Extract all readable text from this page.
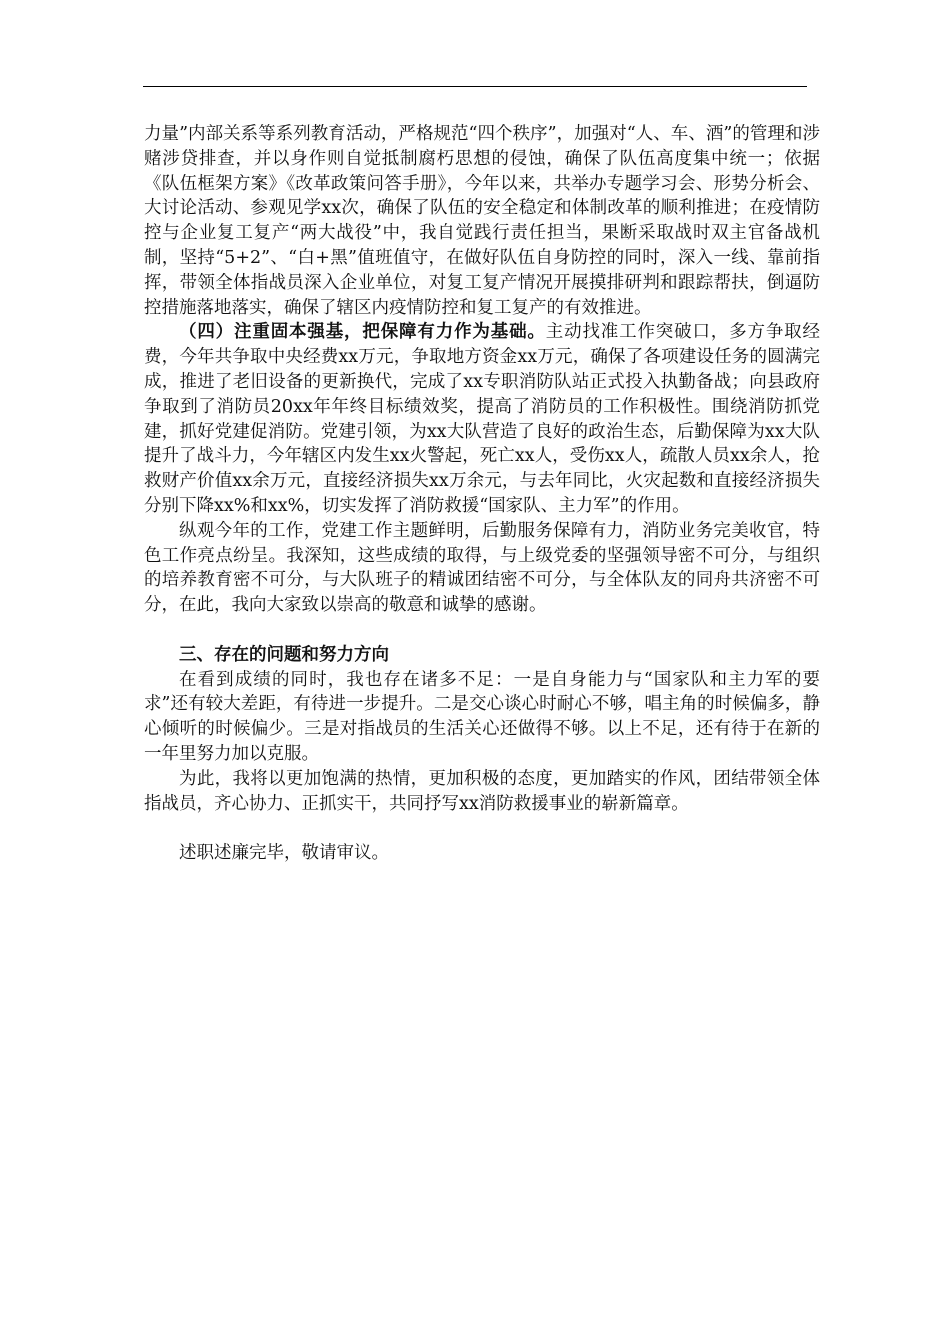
力量”内部关系等系列教育活动，严格规范“四个秩序”，加强对“人、车、酒”的管理和涉赌涉贷排查，并以身作则自觉抵制腐朽思想的侵蚀，确保了队伍高度集中统一；依据《队伍框架方案》《改革政策问答手册》，今年以来，共举办专题学习会、形势分析会、大讨论活动、参观见学xx次，确保了队伍的安全稳定和体制改革的顺利推进；在疫情防控与企业复工复产“两大战役”中，我自觉践行责任担当，果断采取战时双主官备战机制，坚持“5+2”、“白+黑”值班值守，在做好队伍自身防控的同时，深入一线、靠前指挥，带领全体指战员深入企业单位，对复工复产情况开展摸排研判和跟踪帮扶，倒逼防控措施落地落实，确保了辖区内疫情防控和复工复产的有效推进。

（四）注重固本强基，把保障有力作为基础。主动找准工作突破口，多方争取经费，今年共争取中央经费xx万元，争取地方资金xx万元，确保了各项建设任务的圆满完成，推进了老旧设备的更新换代，完成了xx专职消防队站正式投入执勤备战；向县政府争取到了消防员20xx年年终目标绩效奖，提高了消防员的工作积极性。围绕消防抓党建，抓好党建促消防。党建引领，为xx大队营造了良好的政治生态，后勤保障为xx大队提升了战斗力，今年辖区内发生xx火警起，死亡xx人，受伤xx人，疏散人员xx余人，抢救财产价值xx余万元，直接经济损失xx万余元，与去年同比，火灾起数和直接经济损失分别下降xx%和xx%，切实发挥了消防救援“国家队、主力军”的作用。

纵观今年的工作，党建工作主题鲜明，后勤服务保障有力，消防业务完美收官，特色工作亮点纷呈。我深知，这些成绩的取得，与上级党委的坚强领导密不可分，与组织的培养教育密不可分，与大队班子的精诚团结密不可分，与全体队友的同舟共济密不可分，在此，我向大家致以崇高的敬意和诚挚的感谢。

三、存在的问题和努力方向

在看到成绩的同时，我也存在诸多不足：一是自身能力与“国家队和主力军的要求”还有较大差距，有待进一步提升。二是交心谈心时耐心不够，唱主角的时候偏多，静心倾听的时候偏少。三是对指战员的生活关心还做得不够。以上不足，还有待于在新的一年里努力加以克服。

为此，我将以更加饱满的热情，更加积极的态度，更加踏实的作风，团结带领全体指战员，齐心协力、正抓实干，共同抒写xx消防救援事业的崭新篇章。

述职述廉完毕，敬请审议。
